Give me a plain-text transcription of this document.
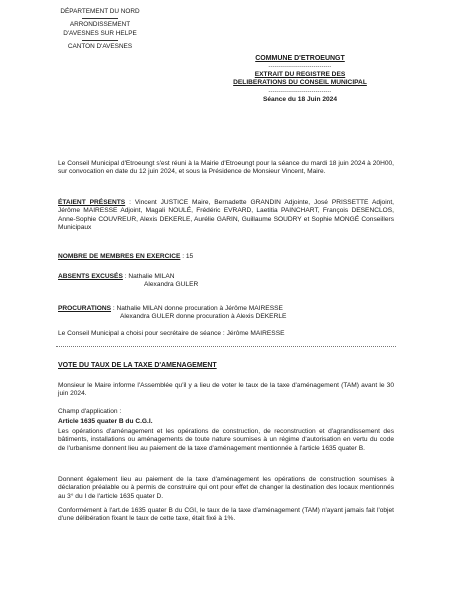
DÉPARTEMENT DU NORD
ARRONDISSEMENT
D'AVESNES SUR HELPE
CANTON D'AVESNES
COMMUNE D'ETROEUNGT
--------------------------------
EXTRAIT DU REGISTRE DES
DELIBERATIONS DU CONSEIL MUNICIPAL
--------------------------------
Séance du 18 Juin 2024

Le Conseil Municipal d'Etroeungt s'est réuni à la Mairie d'Etroeungt pour la séance du mardi 18 juin 2024 à 20H00, sur convocation en date du 12 juin 2024, et sous la Présidence de Monsieur Vincent, Maire.

ÉTAIENT PRÉSENTS : Vincent JUSTICE Maire, Bernadette GRANDIN Adjointe, José PRISSETTE Adjoint, Jérôme MAIRESSE Adjoint, Magali NOULÉ, Frédéric EVRARD, Laetitia PAINCHART, François DESENCLOS, Anne-Sophie COUVREUR, Alexis DEKERLE, Aurélie GARIN, Guillaume SOUDRY et Sophie MONGÉ Conseillers Municipaux

NOMBRE DE MEMBRES EN EXERCICE : 15

ABSENTS EXCUSÉS : Nathalie MILAN
Alexandra GULER

PROCURATIONS : Nathalie MILAN donne procuration à Jérôme MAIRESSE
Alexandra GULER donne procuration à Alexis DEKERLE

Le Conseil Municipal a choisi pour secrétaire de séance : Jérôme MAIRESSE

VOTE DU TAUX DE LA TAXE D'AMENAGEMENT

Monsieur le Maire informe l'Assemblée qu'il y a lieu de voter le taux de la taxe d'aménagement (TAM) avant le 30 juin 2024.

Champ d'application :

Article 1635 quater B du C.G.I.

Les opérations d'aménagement et les opérations de construction, de reconstruction et d'agrandissement des bâtiments, installations ou aménagements de toute nature soumises à un régime d'autorisation en vertu du code de l'urbanisme donnent lieu au paiement de la taxe d'aménagement mentionnée à l'article 1635 quater B.

Donnent également lieu au paiement de la taxe d'aménagement les opérations de construction soumises à déclaration préalable ou à permis de construire qui ont pour effet de changer la destination des locaux mentionnés au 3° du I de l'article 1635 quater D.

Conformément à l'art.de 1635 quater B du CGI, le taux de la taxe d'aménagement (TAM) n'ayant jamais fait l'objet d'une délibération fixant le taux de cette taxe, était fixé à 1%.
